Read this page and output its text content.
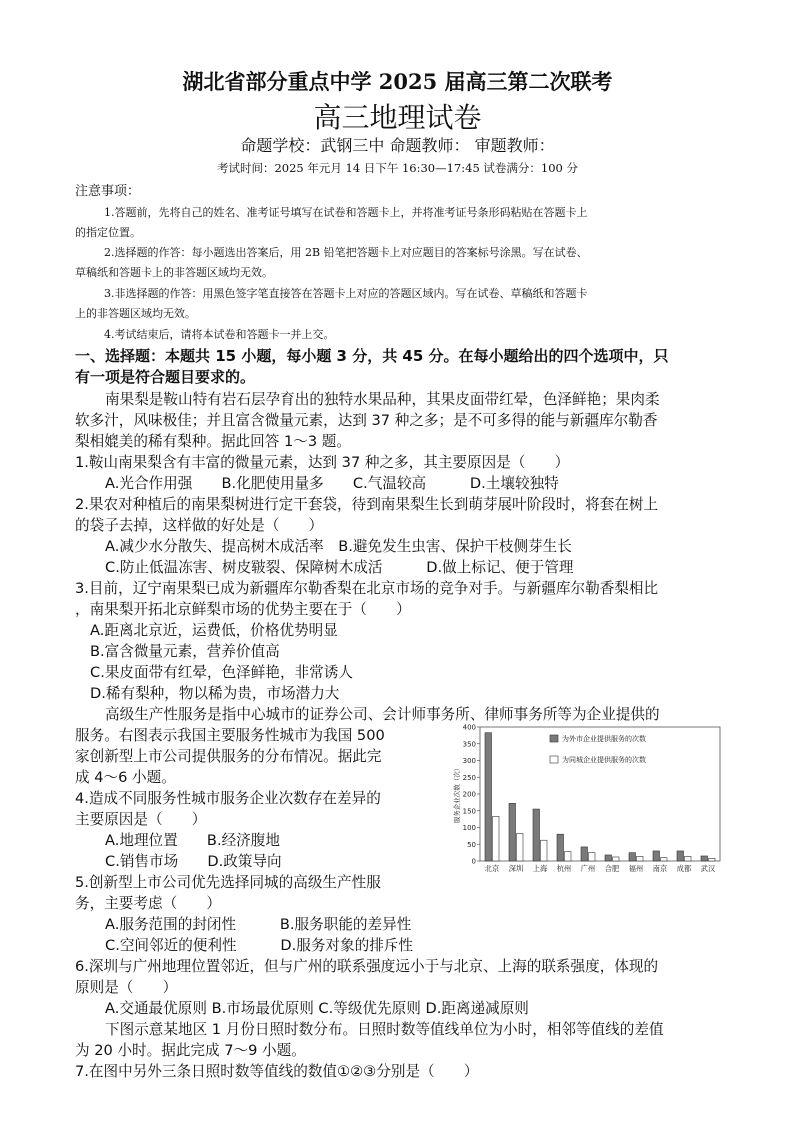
湖北省部分重点中学 2025 届高三第二次联考
高三地理试卷
命题学校：武钢三中 命题教师： 审题教师：
考试时间：2025 年元月 14 日下午 16:30—17:45 试卷满分：100 分
注意事项：
1.答题前，先将自己的姓名、准考证号填写在试卷和答题卡上，并将准考证号条形码粘贴在答题卡上
的指定位置。
2.选择题的作答：每小题选出答案后，用 2B 铅笔把答题卡上对应题目的答案标号涂黑。写在试卷、
草稿纸和答题卡上的非答题区域均无效。
3.非选择题的作答：用黑色签字笔直接答在答题卡上对应的答题区域内。写在试卷、草稿纸和答题卡
上的非答题区域均无效。
4.考试结束后，请将本试卷和答题卡一并上交。
一、选择题：本题共 15 小题，每小题 3 分，共 45 分。在每小题给出的四个选项中，只
有一项是符合题目要求的。
南果梨是鞍山特有岩石层孕育出的独特水果品种，其果皮面带红晕，色泽鲜艳；果肉柔
软多汁，风味极佳；并且富含微量元素，达到 37 种之多；是不可多得的能与新疆库尔勒香
梨相媲美的稀有梨种。据此回答 1～3 题。
1.鞍山南果梨含有丰富的微量元素，达到 37 种之多，其主要原因是（　　）
A.光合作用强　　B.化肥使用量多　　C.气温较高　　　D.土壤较独特
2.果农对种植后的南果梨树进行定干套袋，待到南果梨生长到萌芽展叶阶段时，将套在树上
的袋子去掉，这样做的好处是（　　）
A.减少水分散失、提高树木成活率　B.避免发生虫害、保护干枝侧芽生长
C.防止低温冻害、树皮皲裂、保障树木成活　　　D.做上标记、便于管理
3.目前，辽宁南果梨已成为新疆库尔勒香梨在北京市场的竞争对手。与新疆库尔勒香梨相比
，南果梨开拓北京鲜梨市场的优势主要在于（　　）
A.距离北京近，运费低，价格优势明显
B.富含微量元素，营养价值高
C.果皮面带有红晕，色泽鲜艳，非常诱人
D.稀有梨种，物以稀为贵，市场潜力大
高级生产性服务是指中心城市的证券公司、会计师事务所、律师事务所等为企业提供的
服务。右图表示我国主要服务性城市为我国 500
家创新型上市公司提供服务的分布情况。据此完
成 4～6 小题。
4.造成不同服务性城市服务企业次数存在差异的
主要原因是（　　）
A.地理位置　　B.经济腹地
C.销售市场　　D.政策导向
5.创新型上市公司优先选择同城的高级生产性服
务，主要考虑（　　）
A.服务范围的封闭性　　　B.服务职能的差异性
C.空间邻近的便利性　　　D.服务对象的排斥性
6.深圳与广州地理位置邻近，但与广州的联系强度远小于与北京、上海的联系强度，体现的
原则是（　　）
A.交通最优原则 B.市场最优原则 C.等级优先原则 D.距离递减原则
下图示意某地区 1 月份日照时数分布。日照时数等值线单位为小时，相邻等值线的差值
为 20 小时。据此完成 7～9 小题。
7.在图中另外三条日照时数等值线的数值①②③分别是（　　）
0
50
100
150
200
250
300
350
400
服务企业次数（次）
北京 深圳 上海 杭州 广州 合肥 福州 南京 成都 武汉
为外市企业提供服务的次数
为同城企业提供服务的次数
